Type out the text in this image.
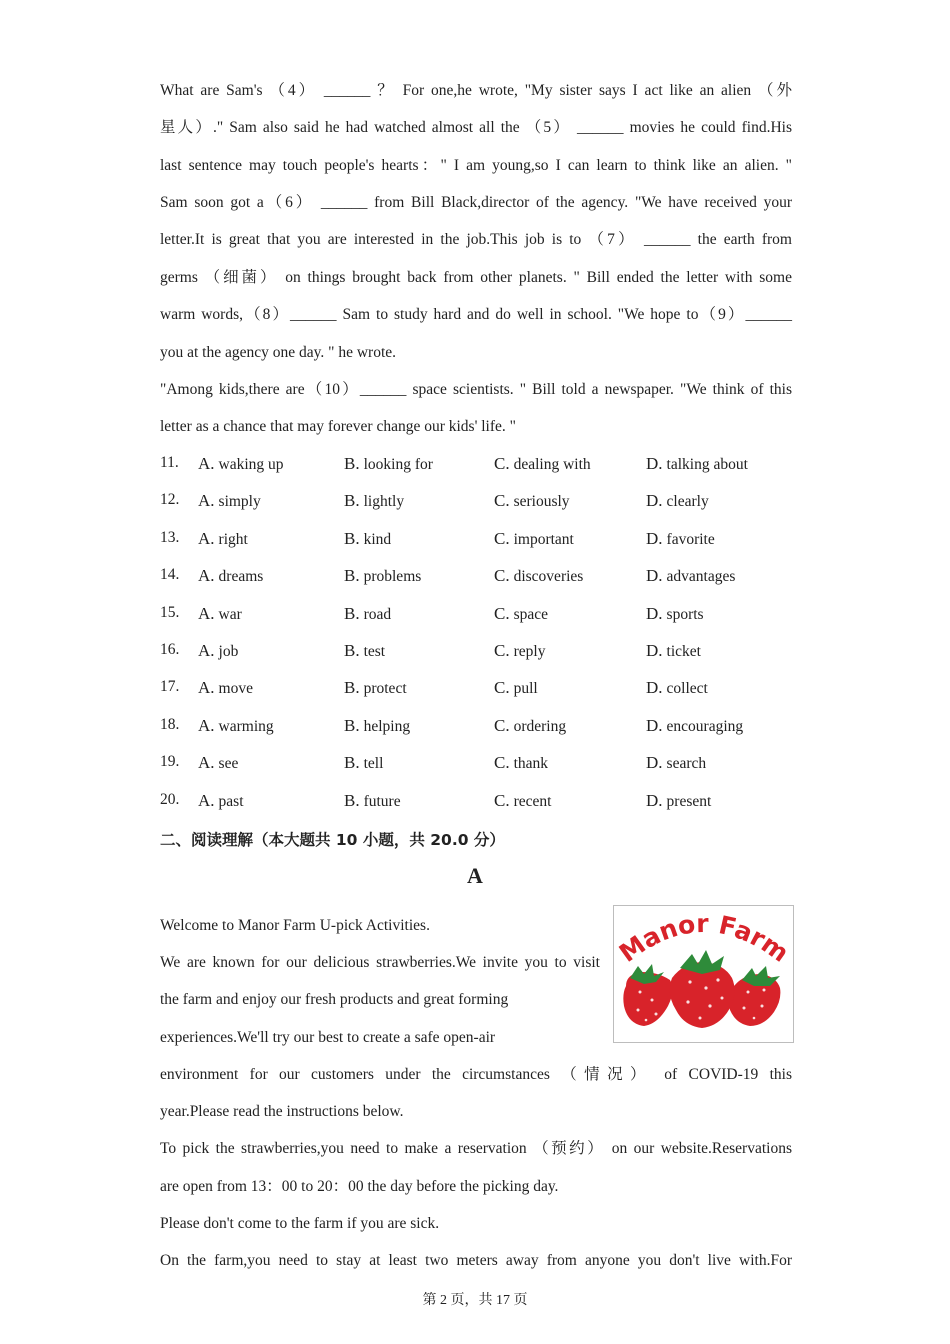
What are Sam's （4） ______ ？ For one,he wrote, "My sister says I act like an alien （外
星人）." Sam also said he had watched almost all the （5） ______ movies he could find.His
last sentence may touch people's hearts：" I am young,so I can learn to think like an alien. "
Sam soon got a（6） ______ from Bill Black,director of the agency. "We have received your
letter.It is great that you are interested in the job.This job is to （7） ______ the earth from
germs （细菌） on things brought back from other planets. " Bill ended the letter with some
warm words,（8）______ Sam to study hard and do well in school. "We hope to（9）______
you at the agency one day. " he wrote.
"Among kids,there are（10）______ space scientists. " Bill told a newspaper. "We think of this
letter as a chance that may forever change our kids' life. "
11. A. waking up	B. looking for	C. dealing with	D. talking about
12. A. simply	B. lightly	C. seriously	D. clearly
13. A. right	B. kind	C. important	D. favorite
14. A. dreams	B. problems	C. discoveries	D. advantages
15. A. war	B. road	C. space	D. sports
16. A. job	B. test	C. reply	D. ticket
17. A. move	B. protect	C. pull	D. collect
18. A. warming	B. helping	C. ordering	D. encouraging
19. A. see	B. tell	C. thank	D. search
20. A. past	B. future	C. recent	D. present
二、阅读理解（本大题共 10 小题，共 20.0 分）
A
Welcome to Manor Farm U-pick Activities.
We are known for our delicious strawberries.We invite you to visit
the farm and enjoy our fresh products and great forming
experiences.We'll try our best to create a safe open-air
environment for our customers under the circumstances （情况） of COVID-19 this
year.Please read the instructions below.
To pick the strawberries,you need to make a reservation （预约） on our website.Reservations
are open from 13：00 to 20：00 the day before the picking day.
Please don't come to the farm if you are sick.
On the farm,you need to stay at least two meters away from anyone you don't live with.For
Manor Farm
第 2 页，共 17 页
